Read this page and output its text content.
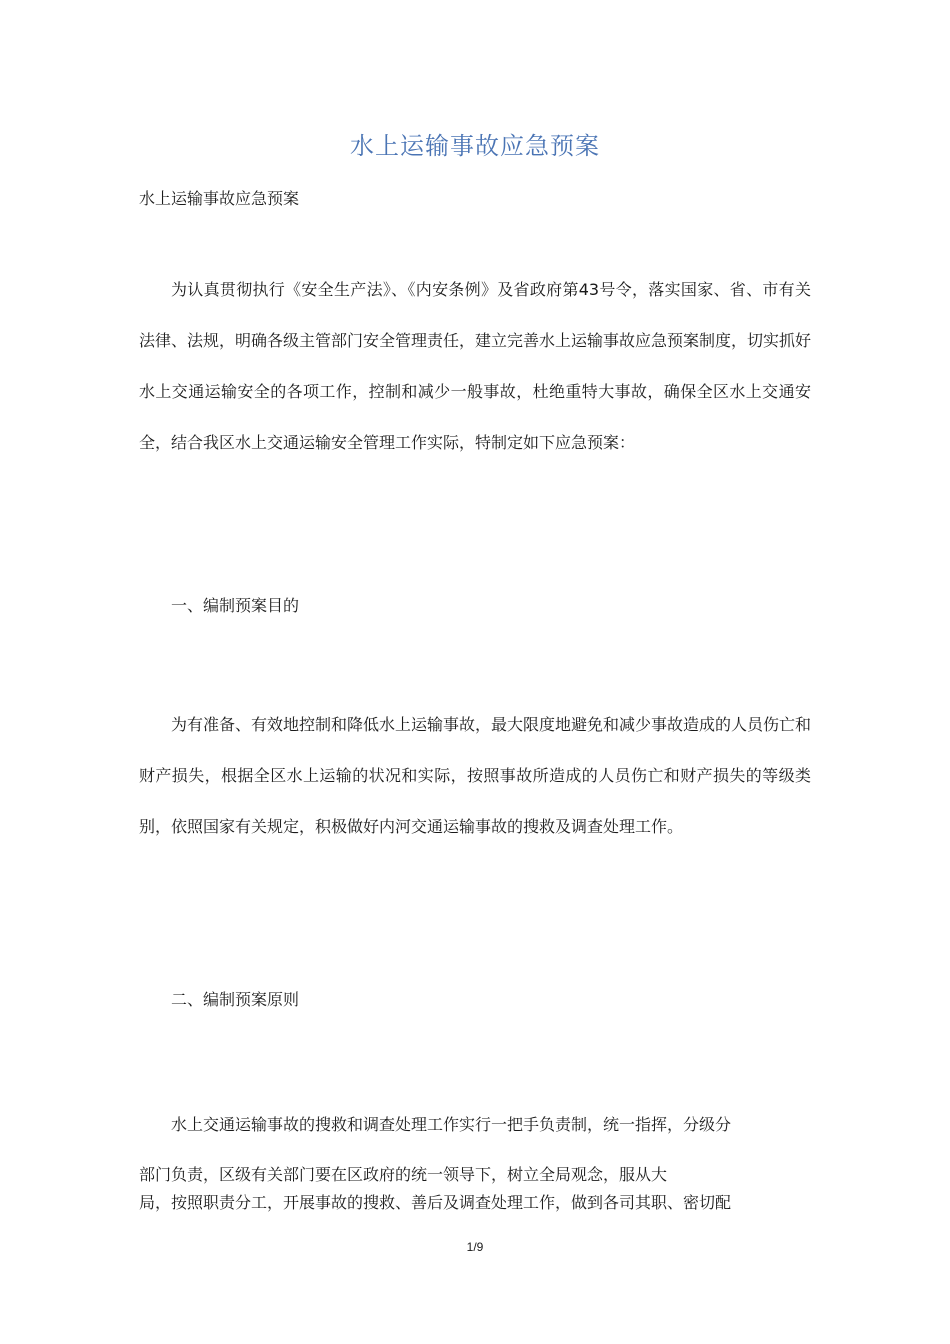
水上运输事故应急预案

水上运输事故应急预案

为认真贯彻执行《安全生产法》、《内安条例》及省政府第43号令，落实国家、省、市有关法律、法规，明确各级主管部门安全管理责任，建立完善水上运输事故应急预案制度，切实抓好水上交通运输安全的各项工作，控制和减少一般事故，杜绝重特大事故，确保全区水上交通安全，结合我区水上交通运输安全管理工作实际，特制定如下应急预案：

一、编制预案目的

为有准备、有效地控制和降低水上运输事故，最大限度地避免和减少事故造成的人员伤亡和财产损失，根据全区水上运输的状况和实际，按照事故所造成的人员伤亡和财产损失的等级类别，依照国家有关规定，积极做好内河交通运输事故的搜救及调查处理工作。

二、编制预案原则

水上交通运输事故的搜救和调查处理工作实行一把手负责制，统一指挥，分级分

部门负责，区级有关部门要在区政府的统一领导下，树立全局观念，服从大

局，按照职责分工，开展事故的搜救、善后及调查处理工作，做到各司其职、密切配

1/9
